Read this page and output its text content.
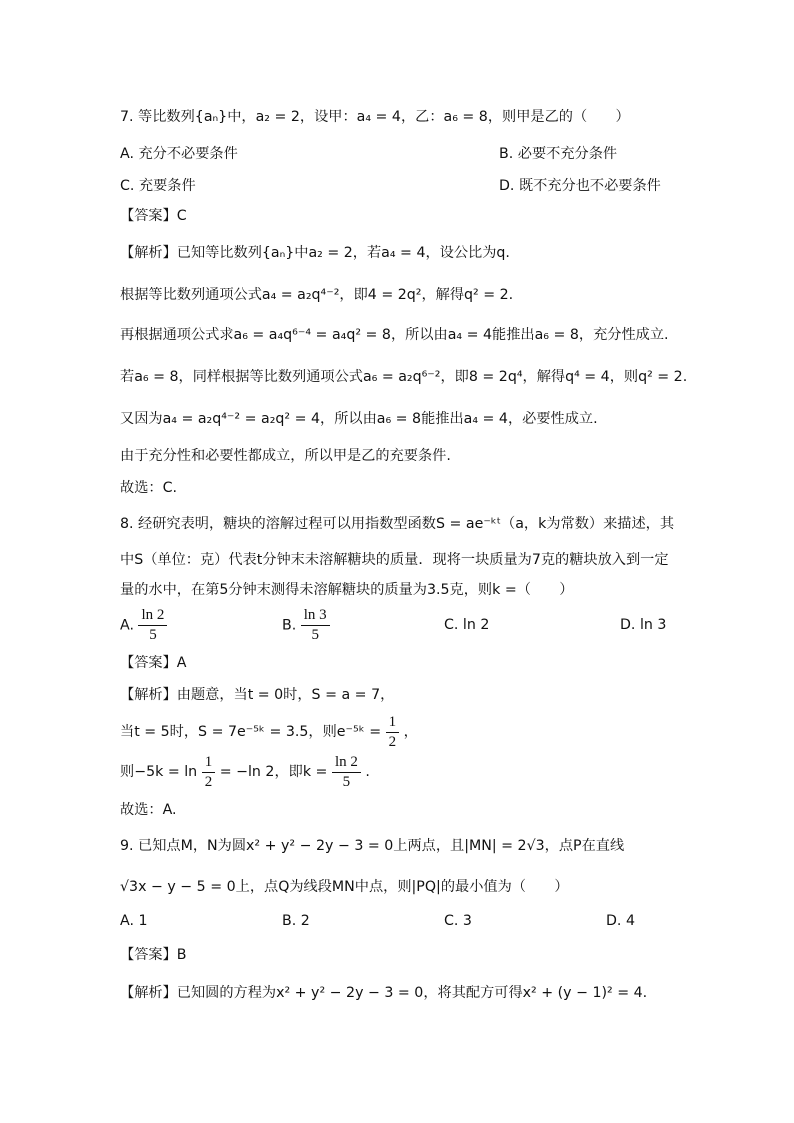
7. 等比数列{aₙ}中，a₂ = 2，设甲：a₄ = 4，乙：a₆ = 8，则甲是乙的（　　）
A. 充分不必要条件	B. 必要不充分条件
C. 充要条件	D. 既不充分也不必要条件
【答案】C
【解析】已知等比数列{aₙ}中a₂ = 2，若a₄ = 4，设公比为q.
根据等比数列通项公式a₄ = a₂q⁴⁻²，即4 = 2q²，解得q² = 2.
再根据通项公式求a₆ = a₄q⁶⁻⁴ = a₄q² = 8，所以由a₄ = 4能推出a₆ = 8，充分性成立.
若a₆ = 8，同样根据等比数列通项公式a₆ = a₂q⁶⁻²，即8 = 2q⁴，解得q⁴ = 4，则q² = 2.
又因为a₄ = a₂q⁴⁻² = a₂q² = 4，所以由a₆ = 8能推出a₄ = 4，必要性成立.
由于充分性和必要性都成立，所以甲是乙的充要条件.
故选：C.
8. 经研究表明，糖块的溶解过程可以用指数型函数S = ae⁻ᵏᵗ（a，k为常数）来描述，其
中S（单位：克）代表t分钟末未溶解糖块的质量．现将一块质量为7克的糖块放入到一定
量的水中，在第5分钟末测得未溶解糖块的质量为3.5克，则k =（　　）
A. $\frac{\ln 2}{5}$	B. $\frac{\ln 3}{5}$	C. ln 2	D. ln 3
【答案】A
【解析】由题意，当t = 0时，S = a = 7，
当t = 5时，S = 7e⁻⁵ᵏ = 3.5，则e⁻⁵ᵏ = $\frac{1}{2}$ ，
则$-5k = \ln \frac{1}{2} = -\ln$ 2，即$k = \frac{\ln 2}{5}$ .
故选：A.
9. 已知点M，N为圆x² + y² − 2y − 3 = 0上两点，且|MN| = 2√3，点P在直线
√3x − y − 5 = 0上，点Q为线段MN中点，则|PQ|的最小值为（　　）
A. 1	B. 2	C. 3	D. 4
【答案】B
【解析】已知圆的方程为x² + y² − 2y − 3 = 0，将其配方可得x² + (y − 1)² = 4.
